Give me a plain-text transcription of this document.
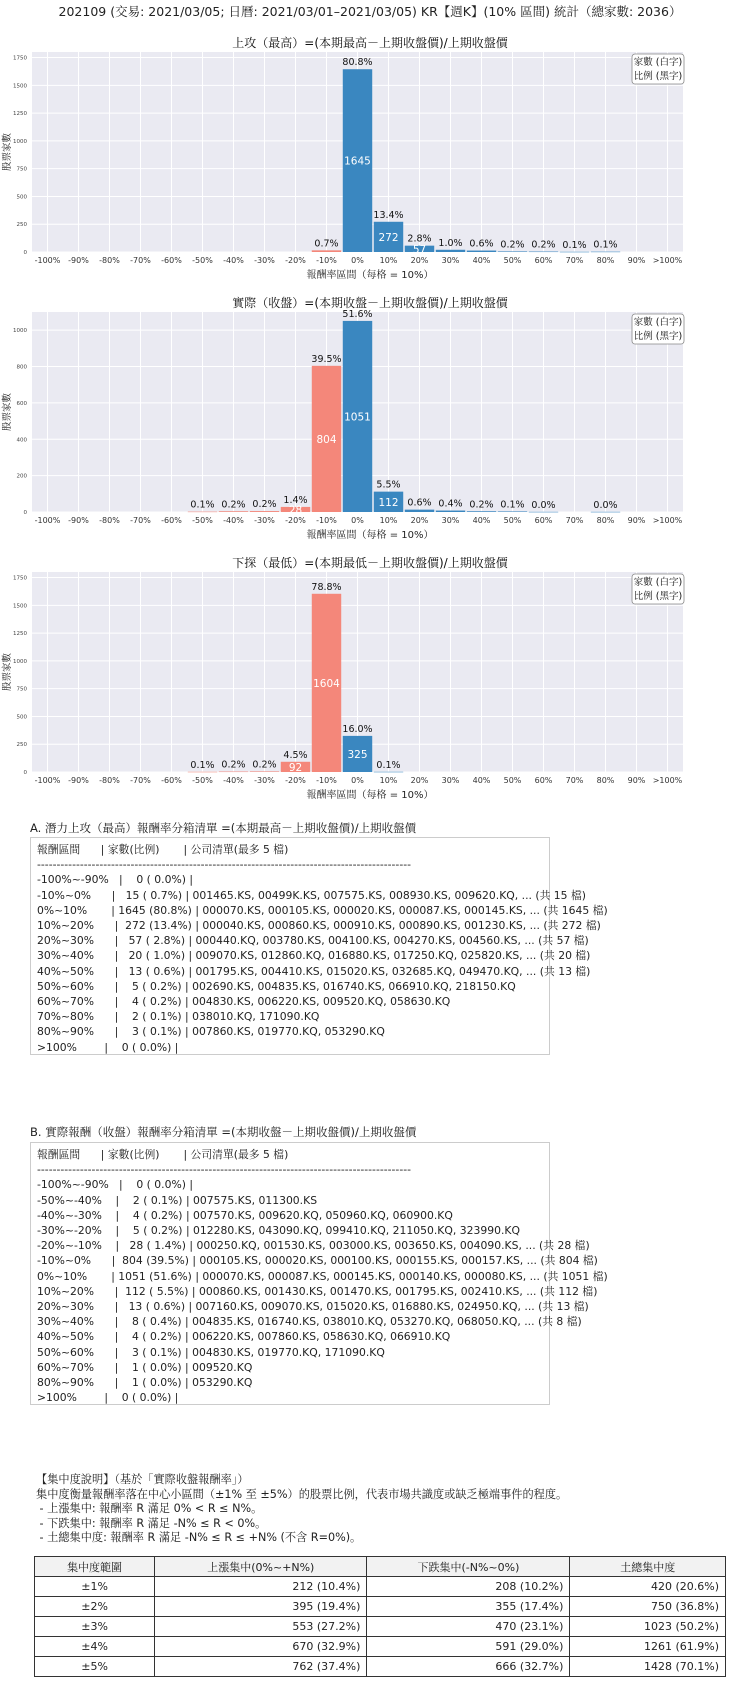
202109 (交易: 2021/03/05; 日曆: 2021/03/01–2021/03/05) KR【週K】(10% 區間) 統計（總家數: 2036）
上攻（最高）=(本期最高－上期收盤價)/上期收盤價
0
250
500
750
1000
1250
1500
1750
-100% -90% -80% -70% -60% -50% -40% -30% -20% -10% 0% 10% 20% 30% 40% 50% 60% 70% 80% 90% >100%
1645
272
57
0.7%
80.8%
13.4%
2.8% 1.0% 0.6% 0.2% 0.2% 0.1% 0.1%
報酬率區間（每格 = 10%）
股票家數
家數 (白字)
比例 (黑字)
實際（收盤）=(本期收盤－上期收盤價)/上期收盤價
0
200
400
600
800
1000
-100% -90% -80% -70% -60% -50% -40% -30% -20% -10% 0% 10% 20% 30% 40% 50% 60% 70% 80% 90% >100%
28
804
1051
112
0.1% 0.2% 0.2% 1.4%
39.5%
51.6%
5.5%
0.6% 0.4% 0.2% 0.1% 0.0%	0.0%
報酬率區間（每格 = 10%）
股票家數
家數 (白字)
比例 (黑字)
下探（最低）=(本期最低－上期收盤價)/上期收盤價
0
250
500
750
1000
1250
1500
1750
-100% -90% -80% -70% -60% -50% -40% -30% -20% -10% 0% 10% 20% 30% 40% 50% 60% 70% 80% 90% >100%
92
1604
325
0.1% 0.2% 0.2%
4.5%
78.8%
16.0%
0.1%
報酬率區間（每格 = 10%）
股票家數
家數 (白字)
比例 (黑字)
A. 潛力上攻（最高）報酬率分箱清單 =(本期最高－上期收盤價)/上期收盤價
報酬區間      | 家數(比例)       | 公司清單(最多 5 檔)
------------------------------------------------------------------------------------------------
-100%~-90%   |    0 ( 0.0%) |
-10%~0%      |   15 ( 0.7%) | 001465.KS, 00499K.KS, 007575.KS, 008930.KS, 009620.KQ, ... (共 15 檔)
0%~10%       | 1645 (80.8%) | 000070.KS, 000105.KS, 000020.KS, 000087.KS, 000145.KS, ... (共 1645 檔)
10%~20%      |  272 (13.4%) | 000040.KS, 000860.KS, 000910.KS, 000890.KS, 001230.KS, ... (共 272 檔)
20%~30%      |   57 ( 2.8%) | 000440.KQ, 003780.KS, 004100.KS, 004270.KS, 004560.KS, ... (共 57 檔)
30%~40%      |   20 ( 1.0%) | 009070.KS, 012860.KQ, 016880.KS, 017250.KQ, 025820.KS, ... (共 20 檔)
40%~50%      |   13 ( 0.6%) | 001795.KS, 004410.KS, 015020.KS, 032685.KQ, 049470.KQ, ... (共 13 檔)
50%~60%      |    5 ( 0.2%) | 002690.KS, 004835.KS, 016740.KS, 066910.KQ, 218150.KQ
60%~70%      |    4 ( 0.2%) | 004830.KS, 006220.KS, 009520.KQ, 058630.KQ
70%~80%      |    2 ( 0.1%) | 038010.KQ, 171090.KQ
80%~90%      |    3 ( 0.1%) | 007860.KS, 019770.KQ, 053290.KQ
>100%        |    0 ( 0.0%) |
B. 實際報酬（收盤）報酬率分箱清單 =(本期收盤－上期收盤價)/上期收盤價
報酬區間      | 家數(比例)       | 公司清單(最多 5 檔)
------------------------------------------------------------------------------------------------
-100%~-90%   |    0 ( 0.0%) |
-50%~-40%    |    2 ( 0.1%) | 007575.KS, 011300.KS
-40%~-30%    |    4 ( 0.2%) | 007570.KS, 009620.KQ, 050960.KQ, 060900.KQ
-30%~-20%    |    5 ( 0.2%) | 012280.KS, 043090.KQ, 099410.KQ, 211050.KQ, 323990.KQ
-20%~-10%    |   28 ( 1.4%) | 000250.KQ, 001530.KS, 003000.KS, 003650.KS, 004090.KS, ... (共 28 檔)
-10%~0%      |  804 (39.5%) | 000105.KS, 000020.KS, 000100.KS, 000155.KS, 000157.KS, ... (共 804 檔)
0%~10%       | 1051 (51.6%) | 000070.KS, 000087.KS, 000145.KS, 000140.KS, 000080.KS, ... (共 1051 檔)
10%~20%      |  112 ( 5.5%) | 000860.KS, 001430.KS, 001470.KS, 001795.KS, 002410.KS, ... (共 112 檔)
20%~30%      |   13 ( 0.6%) | 007160.KS, 009070.KS, 015020.KS, 016880.KS, 024950.KQ, ... (共 13 檔)
30%~40%      |    8 ( 0.4%) | 004835.KS, 016740.KS, 038010.KQ, 053270.KQ, 068050.KQ, ... (共 8 檔)
40%~50%      |    4 ( 0.2%) | 006220.KS, 007860.KS, 058630.KQ, 066910.KQ
50%~60%      |    3 ( 0.1%) | 004830.KS, 019770.KQ, 171090.KQ
60%~70%      |    1 ( 0.0%) | 009520.KQ
80%~90%      |    1 ( 0.0%) | 053290.KQ
>100%        |    0 ( 0.0%) |
【集中度說明】（基於「實際收盤報酬率」）
集中度衡量報酬率落在中心小區間（±1% 至 ±5%）的股票比例，代表市場共識度或缺乏極端事件的程度。
- 上漲集中: 報酬率 R 滿足 0% < R ≤ N%。
- 下跌集中: 報酬率 R 滿足 -N% ≤ R < 0%。
- 土總集中度: 報酬率 R 滿足 -N% ≤ R ≤ +N% (不含 R=0%)。
集中度範圍	上漲集中(0%~+N%)	下跌集中(-N%~0%)	土總集中度
±1%	212 (10.4%)	208 (10.2%)	420 (20.6%)
±2%	395 (19.4%)	355 (17.4%)	750 (36.8%)
±3%	553 (27.2%)	470 (23.1%)	1023 (50.2%)
±4%	670 (32.9%)	591 (29.0%)	1261 (61.9%)
±5%	762 (37.4%)	666 (32.7%)	1428 (70.1%)
